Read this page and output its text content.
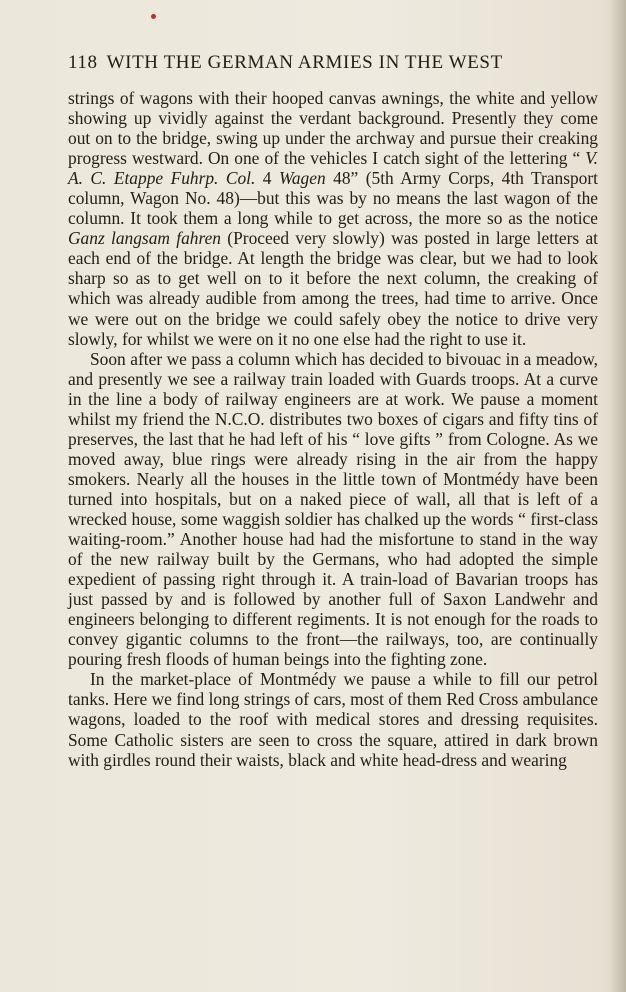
118 WITH THE GERMAN ARMIES IN THE WEST

strings of wagons with their hooped canvas awnings, the white and yellow showing up vividly against the verdant background. Presently they come out on to the bridge, swing up under the archway and pursue their creaking progress westward. On one of the vehicles I catch sight of the lettering “ V. A. C. Etappe Fuhrp. Col. 4 Wagen 48” (5th Army Corps, 4th Transport column, Wagon No. 48)—but this was by no means the last wagon of the column. It took them a long while to get across, the more so as the notice Ganz langsam fahren (Proceed very slowly) was posted in large letters at each end of the bridge. At length the bridge was clear, but we had to look sharp so as to get well on to it before the next column, the creaking of which was already audible from among the trees, had time to arrive. Once we were out on the bridge we could safely obey the notice to drive very slowly, for whilst we were on it no one else had the right to use it.

Soon after we pass a column which has decided to bivouac in a meadow, and presently we see a railway train loaded with Guards troops. At a curve in the line a body of railway engineers are at work. We pause a moment whilst my friend the N.C.O. distributes two boxes of cigars and fifty tins of preserves, the last that he had left of his “ love gifts ” from Cologne. As we moved away, blue rings were already rising in the air from the happy smokers. Nearly all the houses in the little town of Montmédy have been turned into hospitals, but on a naked piece of wall, all that is left of a wrecked house, some waggish soldier has chalked up the words “ first-class waiting-room.” Another house had had the misfortune to stand in the way of the new railway built by the Germans, who had adopted the simple expedient of passing right through it. A train-load of Bavarian troops has just passed by and is followed by another full of Saxon Landwehr and engineers belonging to different regiments. It is not enough for the roads to convey gigantic columns to the front—the railways, too, are continually pouring fresh floods of human beings into the fighting zone.

In the market-place of Montmédy we pause a while to fill our petrol tanks. Here we find long strings of cars, most of them Red Cross ambulance wagons, loaded to the roof with medical stores and dressing requisites. Some Catholic sisters are seen to cross the square, attired in dark brown with girdles round their waists, black and white head-dress and wearing
